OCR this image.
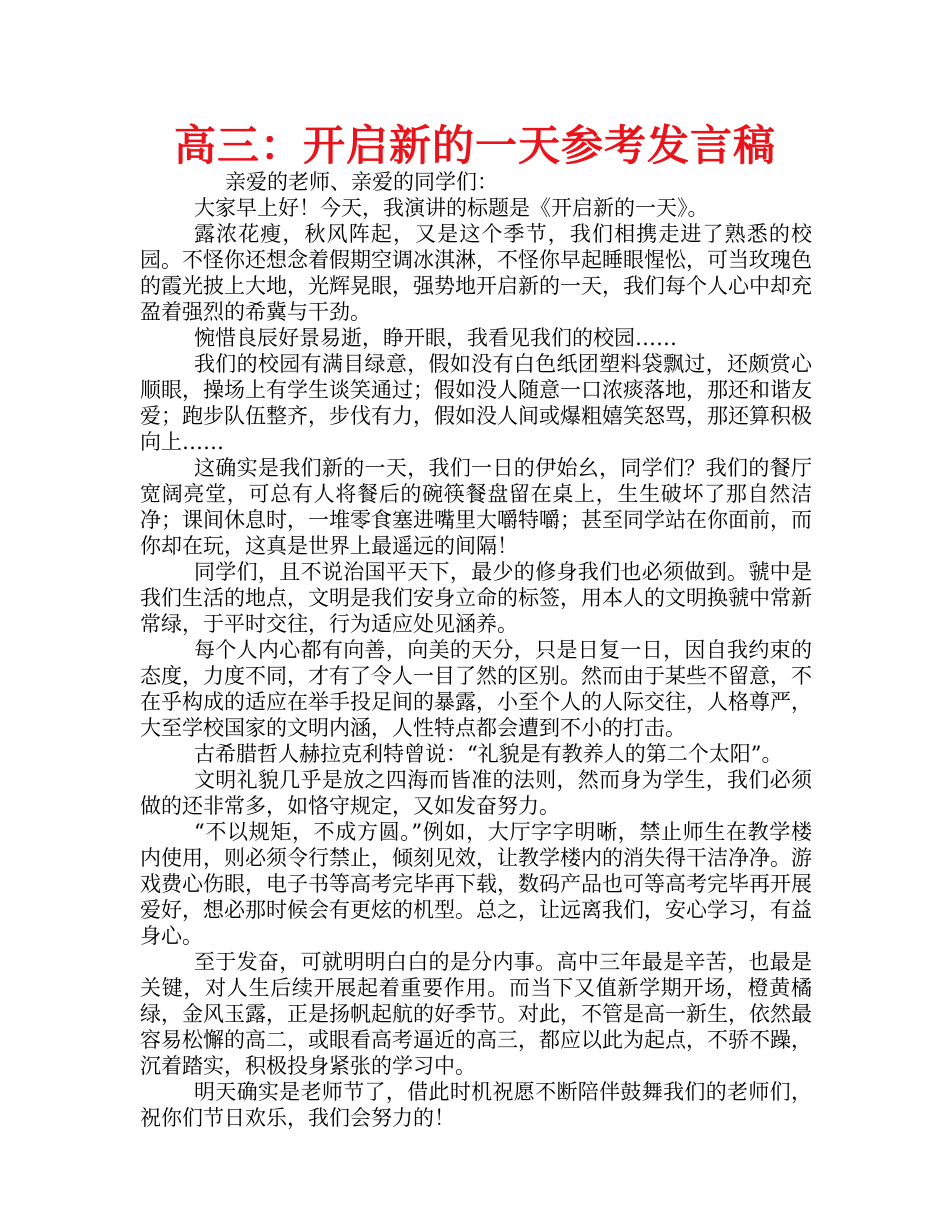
高三：开启新的一天参考发言稿

亲爱的老师、亲爱的同学们：

大家早上好！今天，我演讲的标题是《开启新的一天》。

露浓花瘦，秋风阵起，又是这个季节，我们相携走进了熟悉的校园。不怪你还想念着假期空调冰淇淋，不怪你早起睡眼惺忪，可当玫瑰色的霞光披上大地，光辉晃眼，强势地开启新的一天，我们每个人心中却充盈着强烈的希冀与干劲。

惋惜良辰好景易逝，睁开眼，我看见我们的校园……

我们的校园有满目绿意，假如没有白色纸团塑料袋飘过，还颇赏心顺眼，操场上有学生谈笑通过；假如没人随意一口浓痰落地，那还和谐友爱；跑步队伍整齐，步伐有力，假如没人间或爆粗嬉笑怒骂，那还算积极向上……

这确实是我们新的一天，我们一日的伊始幺，同学们？我们的餐厅宽阔亮堂，可总有人将餐后的碗筷餐盘留在桌上，生生破坏了那自然洁净；课间休息时，一堆零食塞进嘴里大嚼特嚼；甚至同学站在你面前，而你却在玩，这真是世界上最遥远的间隔！

同学们，且不说治国平天下，最少的修身我们也必须做到。虢中是我们生活的地点，文明是我们安身立命的标签，用本人的文明换虢中常新常绿，于平时交往，行为适应处见涵养。

每个人内心都有向善，向美的天分，只是日复一日，因自我约束的态度，力度不同，才有了令人一目了然的区别。然而由于某些不留意，不在乎构成的适应在举手投足间的暴露，小至个人的人际交往，人格尊严，大至学校国家的文明内涵，人性特点都会遭到不小的打击。

古希腊哲人赫拉克利特曾说：“礼貌是有教养人的第二个太阳”。

文明礼貌几乎是放之四海而皆准的法则，然而身为学生，我们必须做的还非常多，如恪守规定，又如发奋努力。

“不以规矩，不成方圆。”例如，大厅字字明晰，禁止师生在教学楼内使用，则必须令行禁止，倾刻见效，让教学楼内的消失得干洁净净。游戏费心伤眼，电子书等高考完毕再下载，数码产品也可等高考完毕再开展爱好，想必那时候会有更炫的机型。总之，让远离我们，安心学习，有益身心。

至于发奋，可就明明白白的是分内事。高中三年最是辛苦，也最是关键，对人生后续开展起着重要作用。而当下又值新学期开场，橙黄橘绿，金风玉露，正是扬帆起航的好季节。对此，不管是高一新生，依然最容易松懈的高二，或眼看高考逼近的高三，都应以此为起点，不骄不躁，沉着踏实，积极投身紧张的学习中。

明天确实是老师节了，借此时机祝愿不断陪伴鼓舞我们的老师们，祝你们节日欢乐，我们会努力的！
